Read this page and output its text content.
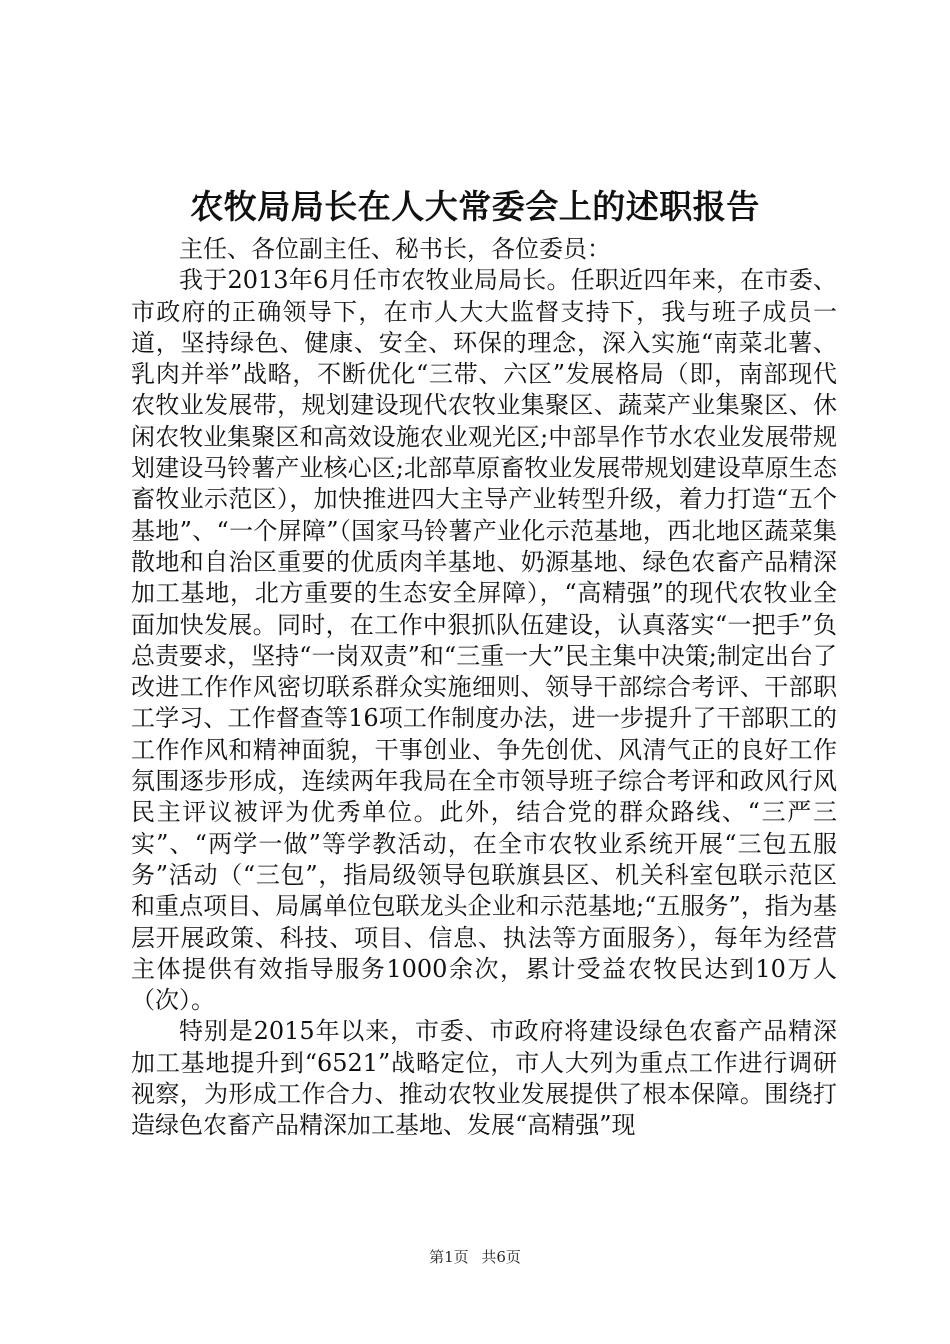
农牧局局长在人大常委会上的述职报告

主任、各位副主任、秘书长，各位委员：

我于2013年6月任市农牧业局局长。任职近四年来，在市委、市政府的正确领导下，在市人大大监督支持下，我与班子成员一道，坚持绿色、健康、安全、环保的理念，深入实施“南菜北薯、乳肉并举”战略，不断优化“三带、六区”发展格局（即，南部现代农牧业发展带，规划建设现代农牧业集聚区、蔬菜产业集聚区、休闲农牧业集聚区和高效设施农业观光区;中部旱作节水农业发展带规划建设马铃薯产业核心区;北部草原畜牧业发展带规划建设草原生态畜牧业示范区），加快推进四大主导产业转型升级，着力打造“五个基地”、“一个屏障”（国家马铃薯产业化示范基地，西北地区蔬菜集散地和自治区重要的优质肉羊基地、奶源基地、绿色农畜产品精深加工基地，北方重要的生态安全屏障），“高精强”的现代农牧业全面加快发展。同时，在工作中狠抓队伍建设，认真落实“一把手”负总责要求，坚持“一岗双责”和“三重一大”民主集中决策;制定出台了改进工作作风密切联系群众实施细则、领导干部综合考评、干部职工学习、工作督查等16项工作制度办法，进一步提升了干部职工的工作作风和精神面貌，干事创业、争先创优、风清气正的良好工作氛围逐步形成，连续两年我局在全市领导班子综合考评和政风行风民主评议被评为优秀单位。此外，结合党的群众路线、“三严三实”、“两学一做”等学教活动，在全市农牧业系统开展“三包五服务”活动（“三包”，指局级领导包联旗县区、机关科室包联示范区和重点项目、局属单位包联龙头企业和示范基地;“五服务”，指为基层开展政策、科技、项目、信息、执法等方面服务），每年为经营主体提供有效指导服务1000余次，累计受益农牧民达到10万人（次）。

特别是2015年以来，市委、市政府将建设绿色农畜产品精深加工基地提升到“6521”战略定位，市人大列为重点工作进行调研视察，为形成工作合力、推动农牧业发展提供了根本保障。围绕打造绿色农畜产品精深加工基地、发展“高精强”现

第1页 共6页
